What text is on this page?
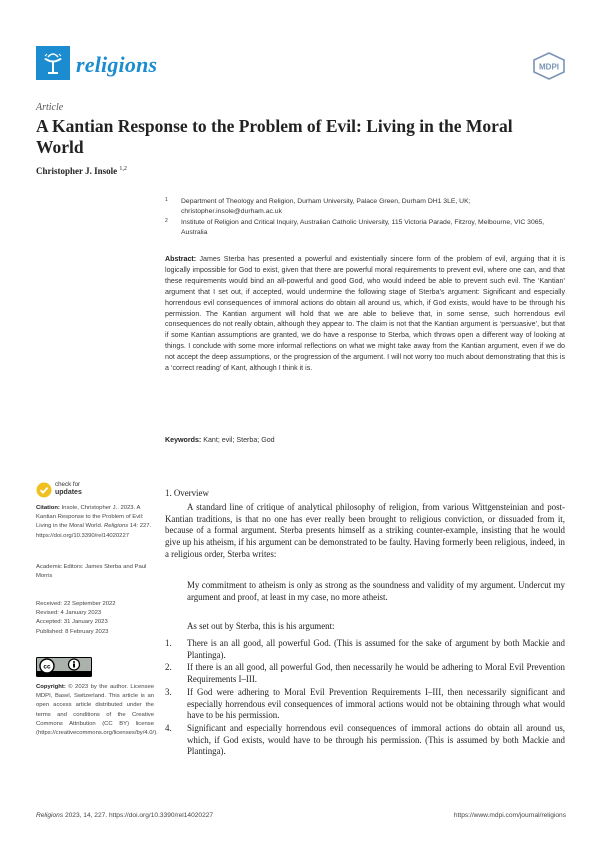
religions	MDPI
Article
A Kantian Response to the Problem of Evil: Living in the Moral World
Christopher J. Insole $^{1,2}$
1 Department of Theology and Religion, Durham University, Palace Green, Durham DH1 3LE, UK; christopher.insole@durham.ac.uk
2 Institute of Religion and Critical Inquiry, Australian Catholic University, 115 Victoria Parade, Fitzroy, Melbourne, VIC 3065, Australia
Abstract: James Sterba has presented a powerful and existentially sincere form of the problem of evil, arguing that it is logically impossible for God to exist, given that there are powerful moral requirements to prevent evil, where one can, and that these requirements would bind an all-powerful and good God, who would indeed be able to prevent such evil. The ‘Kantian’ argument that I set out, if accepted, would undermine the following stage of Sterba’s argument: Significant and especially horrendous evil consequences of immoral actions do obtain all around us, which, if God exists, would have to be through his permission. The Kantian argument will hold that we are able to believe that, in some sense, such horrendous evil consequences do not really obtain, although they appear to. The claim is not that the Kantian argument is ‘persuasive’, but that if some Kantian assumptions are granted, we do have a response to Sterba, which throws open a different way of looking at things. I conclude with some more informal reflections on what we might take away from the Kantian argument, even if we do not accept the deep assumptions, or the progression of the argument. I will not worry too much about demonstrating that this is a ‘correct reading’ of Kant, although I think it is.
Keywords: Kant; evil; Sterba; God
check for
updates
Citation: Insole, Christopher J.. 2023. A Kantian Response to the Problem of Evil: Living in the Moral World. Religions 14: 227. https://doi.org/10.3390/rel14020227
Academic Editors: James Sterba and Paul Morris
Received: 22 September 2022
Revised: 4 January 2023
Accepted: 31 January 2023
Published: 8 February 2023
cc
Copyright: © 2023 by the author. Licensee MDPI, Basel, Switzerland. This article is an open access article distributed under the terms and conditions of the Creative Commons Attribution (CC BY) license (https://creativecommons.org/licenses/by/4.0/).
1. Overview
A standard line of critique of analytical philosophy of religion, from various Wittgensteinian and post-Kantian traditions, is that no one has ever really been brought to religious conviction, or dissuaded from it, because of a formal argument. Sterba presents himself as a striking counter-example, insisting that he would give up his atheism, if his argument can be demonstrated to be faulty. Having formerly been religious, indeed, in a religious order, Sterba writes:
My commitment to atheism is only as strong as the soundness and validity of my argument. Undercut my argument and proof, at least in my case, no more atheist.
As set out by Sterba, this is his argument:
1. There is an all good, all powerful God. (This is assumed for the sake of argument by both Mackie and Plantinga).
2. If there is an all good, all powerful God, then necessarily he would be adhering to Moral Evil Prevention Requirements I–III.
3. If God were adhering to Moral Evil Prevention Requirements I–III, then necessarily significant and especially horrendous evil consequences of immoral actions would not be obtaining through what would have to be his permission.
4. Significant and especially horrendous evil consequences of immoral actions do obtain all around us, which, if God exists, would have to be through his permission. (This is assumed by both Mackie and Plantinga).
Religions 2023, 14, 227. https://doi.org/10.3390/rel14020227	https://www.mdpi.com/journal/religions
